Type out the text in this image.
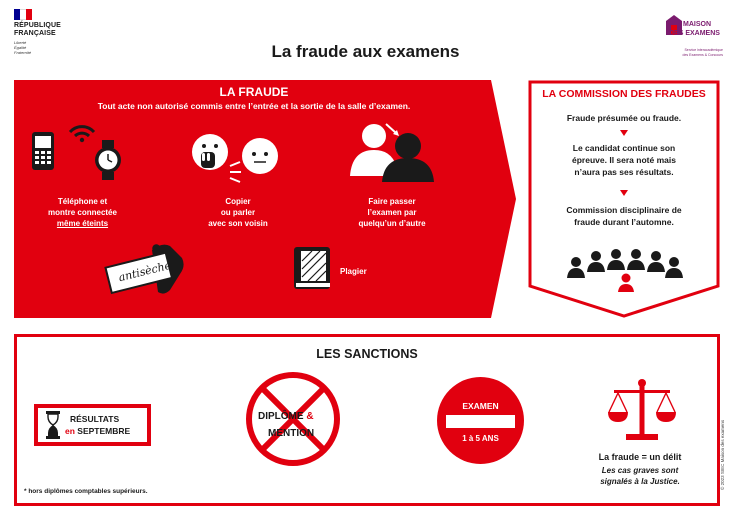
RÉPUBLIQUE
FRANÇAISE
Liberté
Égalité
Fraternité	La fraude aux examens
MAISON
DES EXAMENS
Service interacadémique
des Examens & Concours
LA FRAUDE
Tout acte non autorisé commis entre l’entrée et la sortie de la salle d’examen.
Téléphone et
montre connectée
même éteints
Copier
ou parler
avec son voisin
Faire passer
l’examen par
quelqu’un d’autre
antisèche	Plagier
LA COMMISSION DES FRAUDES
Fraude présumée ou fraude.
Le candidat continue son
épreuve. Il sera noté mais
n’aura pas ses résultats.
Commission disciplinaire de
fraude durant l’automne.
LES SANCTIONS
RÉSULTATS
en SEPTEMBRE
DIPLÔME &
MENTION
EXAMEN
1 à 5 ANS
La fraude = un délit
Les cas graves sont
signalés à la Justice.
* hors diplômes comptables supérieurs.
© 2023 SIEC Maison des examens
